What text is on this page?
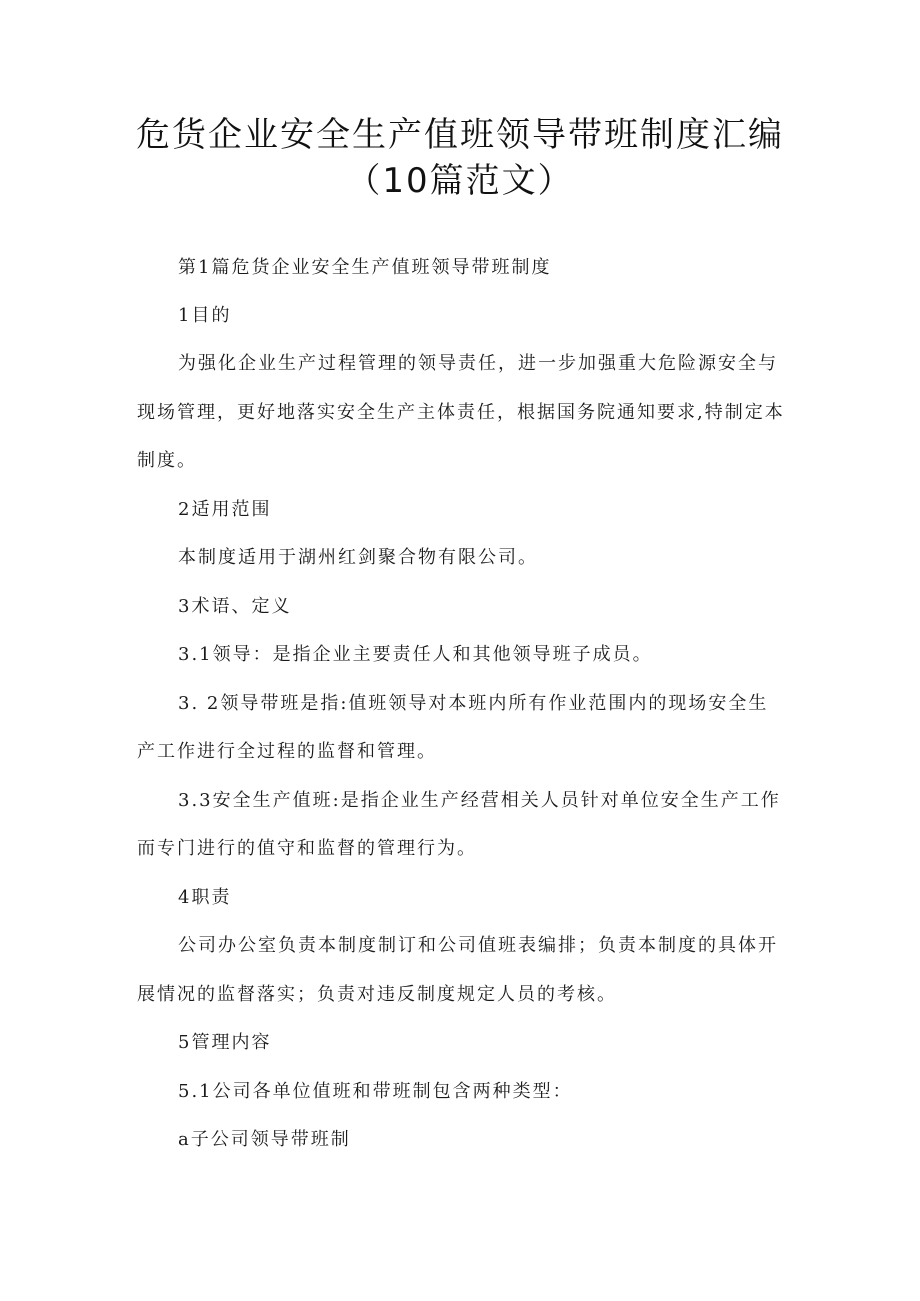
危货企业安全生产值班领导带班制度汇编
（10篇范文）

第1篇危货企业安全生产值班领导带班制度

1目的

为强化企业生产过程管理的领导责任，进一步加强重大危险源安全与

现场管理，更好地落实安全生产主体责任，根据国务院通知要求,特制定本

制度。

2适用范围

本制度适用于湖州红剑聚合物有限公司。

3术语、定义

3.1领导：是指企业主要责任人和其他领导班子成员。

3. 2领导带班是指:值班领导对本班内所有作业范围内的现场安全生

产工作进行全过程的监督和管理。

3.3安全生产值班:是指企业生产经营相关人员针对单位安全生产工作

而专门进行的值守和监督的管理行为。

4职责

公司办公室负责本制度制订和公司值班表编排；负责本制度的具体开

展情况的监督落实；负责对违反制度规定人员的考核。

5管理内容

5.1公司各单位值班和带班制包含两种类型：

a子公司领导带班制
